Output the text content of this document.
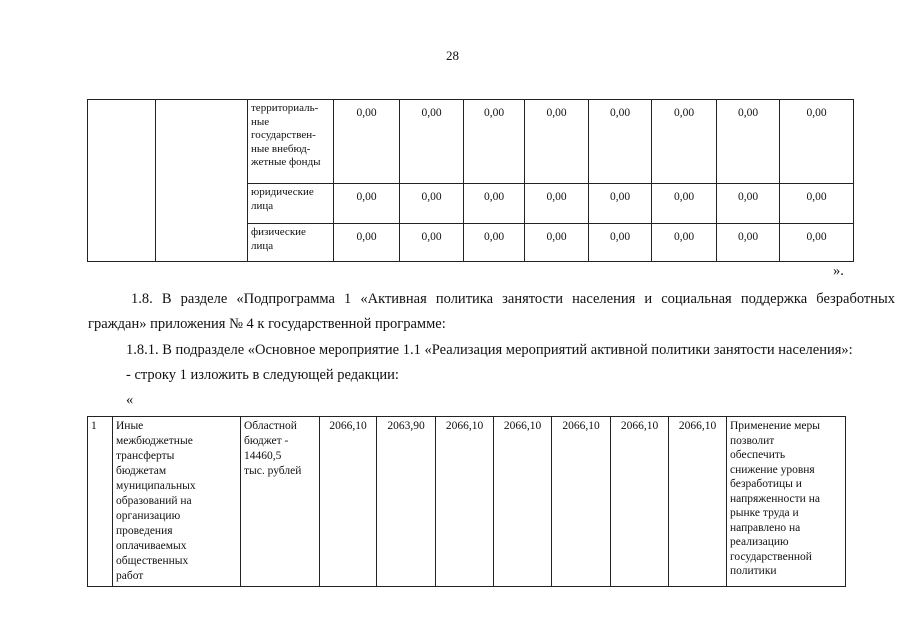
28
		территориаль-
ные
государствен-
ные внебюд-
жетные фонды	0,00	0,00	0,00	0,00	0,00	0,00	0,00	0,00
		юридические
лица	0,00	0,00	0,00	0,00	0,00	0,00	0,00	0,00
		физические
лица	0,00	0,00	0,00	0,00	0,00	0,00	0,00	0,00
».
1.8. В разделе «Подпрограмма 1 «Активная политика занятости населения и социальная поддержка безработных
граждан» приложения № 4 к государственной программе:
1.8.1. В подразделе «Основное мероприятие 1.1 «Реализация мероприятий активной политики занятости населения»:
- строку 1 изложить в следующей редакции:
«
1	Иные
межбюджетные
трансферты
бюджетам
муниципальных
образований на
организацию
проведения
оплачиваемых
общественных
работ	Областной
бюджет -
14460,5
тыс. рублей	2066,10	2063,90	2066,10	2066,10	2066,10	2066,10	2066,10	Применение меры
позволит
обеспечить
снижение уровня
безработицы и
напряженности на
рынке труда и
направлено на
реализацию
государственной
политики
